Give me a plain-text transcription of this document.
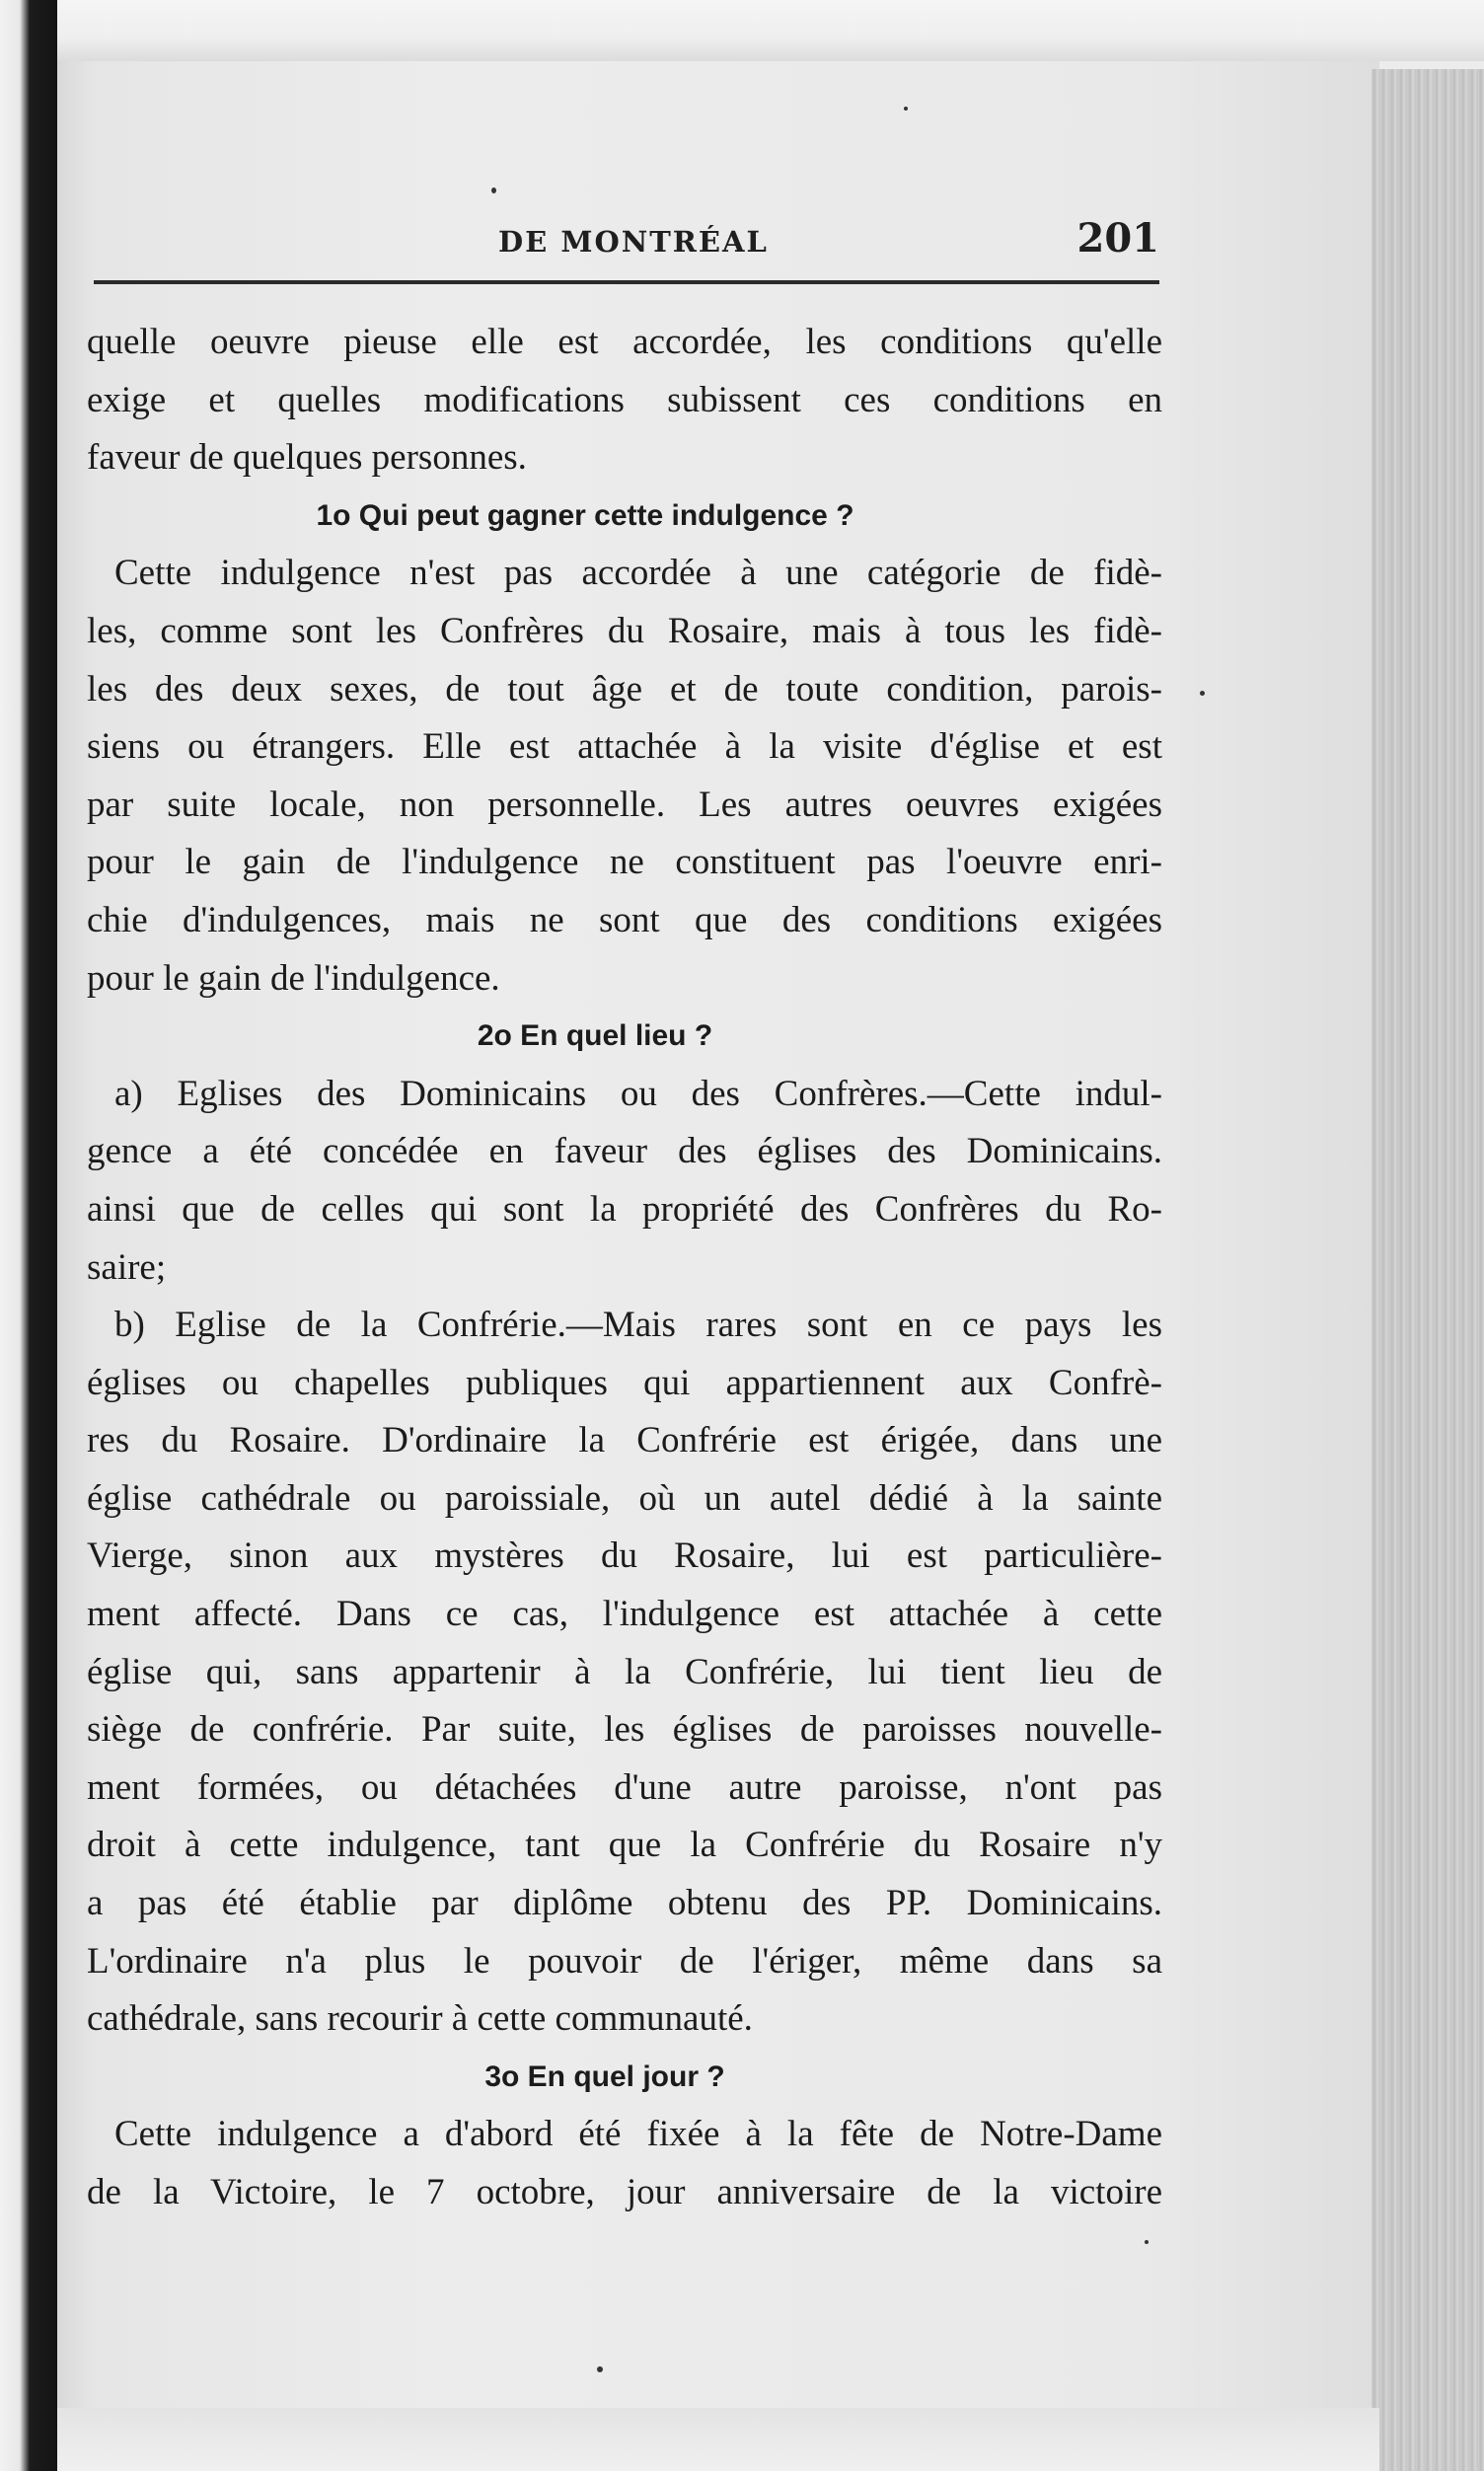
DE MONTRÉAL	201
quelle oeuvre pieuse elle est accordée, les conditions qu'elle
exige et quelles modifications subissent ces conditions en
faveur de quelques personnes.
1o Qui peut gagner cette indulgence ?
Cette indulgence n'est pas accordée à une catégorie de fidè-
les, comme sont les Confrères du Rosaire, mais à tous les fidè-
les des deux sexes, de tout âge et de toute condition, parois-
siens ou étrangers. Elle est attachée à la visite d'église et est
par suite locale, non personnelle. Les autres oeuvres exigées
pour le gain de l'indulgence ne constituent pas l'oeuvre enri-
chie d'indulgences, mais ne sont que des conditions exigées
pour le gain de l'indulgence.
2o En quel lieu ?
a) Eglises des Dominicains ou des Confrères.—Cette indul-
gence a été concédée en faveur des églises des Dominicains.
ainsi que de celles qui sont la propriété des Confrères du Ro-
saire;
b) Eglise de la Confrérie.—Mais rares sont en ce pays les
églises ou chapelles publiques qui appartiennent aux Confrè-
res du Rosaire. D'ordinaire la Confrérie est érigée, dans une
église cathédrale ou paroissiale, où un autel dédié à la sainte
Vierge, sinon aux mystères du Rosaire, lui est particulière-
ment affecté. Dans ce cas, l'indulgence est attachée à cette
église qui, sans appartenir à la Confrérie, lui tient lieu de
siège de confrérie. Par suite, les églises de paroisses nouvelle-
ment formées, ou détachées d'une autre paroisse, n'ont pas
droit à cette indulgence, tant que la Confrérie du Rosaire n'y
a pas été établie par diplôme obtenu des PP. Dominicains.
L'ordinaire n'a plus le pouvoir de l'ériger, même dans sa
cathédrale, sans recourir à cette communauté.
3o En quel jour ?
Cette indulgence a d'abord été fixée à la fête de Notre-Dame
de la Victoire, le 7 octobre, jour anniversaire de la victoire
